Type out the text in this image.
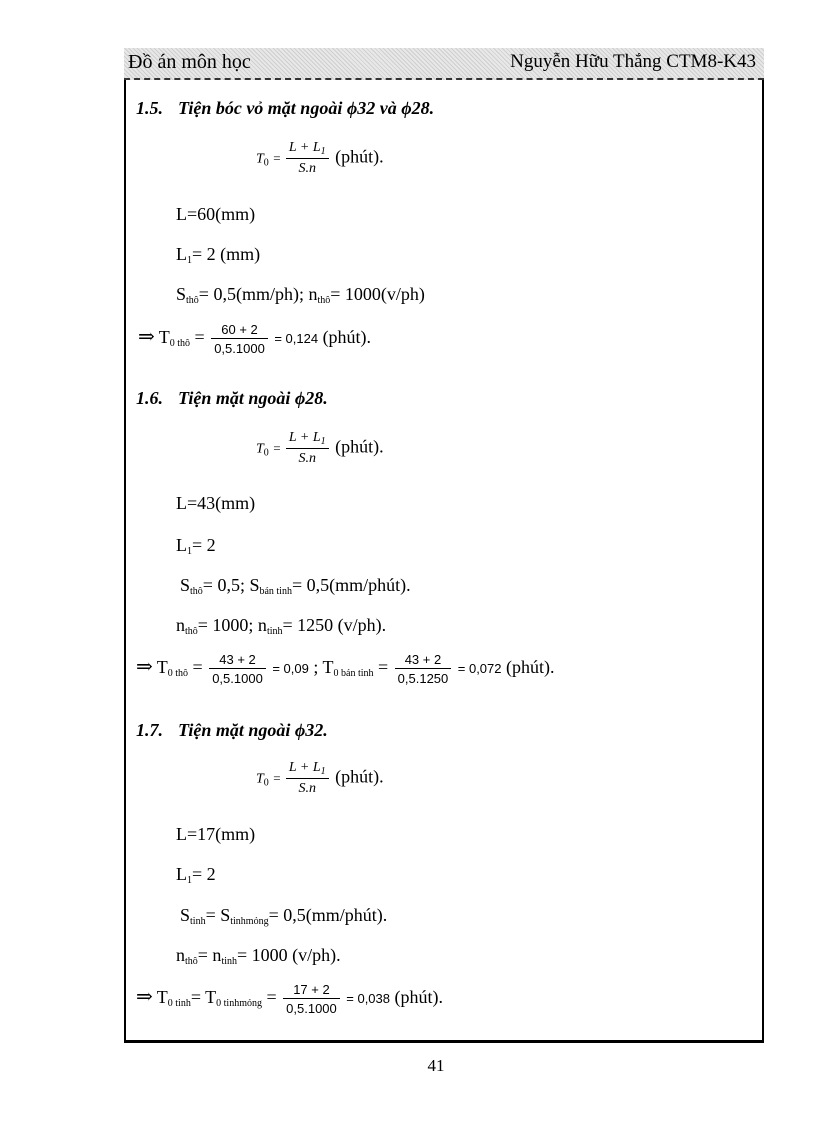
Đồ án môn học	Nguyễn Hữu Thắng CTM8-K43
1.5. Tiện bóc vỏ mặt ngoài ϕ32 và ϕ28.
$T_0 = \frac{L + L_1}{S.n}$ (phút).
L=60(mm)
$L_1= 2$ (mm)
$S_{thô}= 0,5(mm/ph)$; $n_{thô}= 1000(v/ph)$
⇒ $T_{0 thô} = \frac{60 + 2}{0,5.1000} = 0,124$ (phút).
1.6. Tiện mặt ngoài ϕ28.
$T_0 = \frac{L + L_1}{S.n}$ (phút).
L=43(mm)
$L_1= 2$
$S_{thô}= 0,5$; $S_{bán tinh}=$ 0,5(mm/phút).
$n_{thô}= 1000$; $n_{tinh}= 1250$ (v/ph).
⇒ $T_{0 thô} = \frac{43 + 2}{0,5.1000} = 0,09$ ; $T_{0 bán tinh} = \frac{43 + 2}{0,5.1250} = 0,072$ (phút).
1.7. Tiện mặt ngoài ϕ32.
$T_0 = \frac{L + L_1}{S.n}$ (phút).
L=17(mm)
$L_1= 2$
$S_{tinh}= S_{tinhmỏng}=$ 0,5(mm/phút).
$n_{thô}= n_{tinh}= 1000$ (v/ph).
⇒ $T_{0 tinh}= T_{0 tinhmỏng} = \frac{17 + 2}{0,5.1000} = 0,038$ (phút).
41
